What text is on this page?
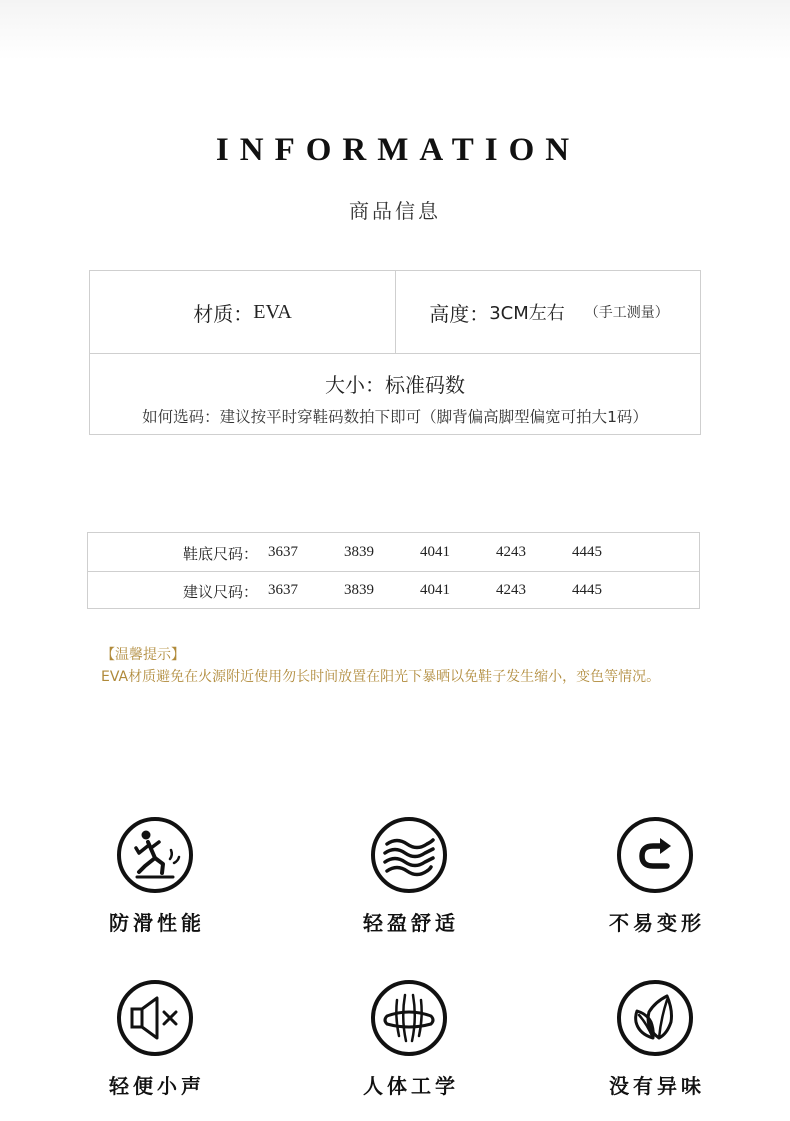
INFORMATION
商品信息
材质： EVA	高度： 3CM左右 （手工测量）
大小：标准码数
如何选码：建议按平时穿鞋码数拍下即可（脚背偏高脚型偏宽可拍大1码）
鞋底尺码： 3637	3839	4041	4243	4445
建议尺码： 3637	3839	4041	4243	4445
【温馨提示】
EVA材质避免在火源附近使用勿长时间放置在阳光下暴晒以免鞋子发生缩小，变色等情况。
防滑性能	轻盈舒适	不易变形
轻便小声	人体工学	没有异味
